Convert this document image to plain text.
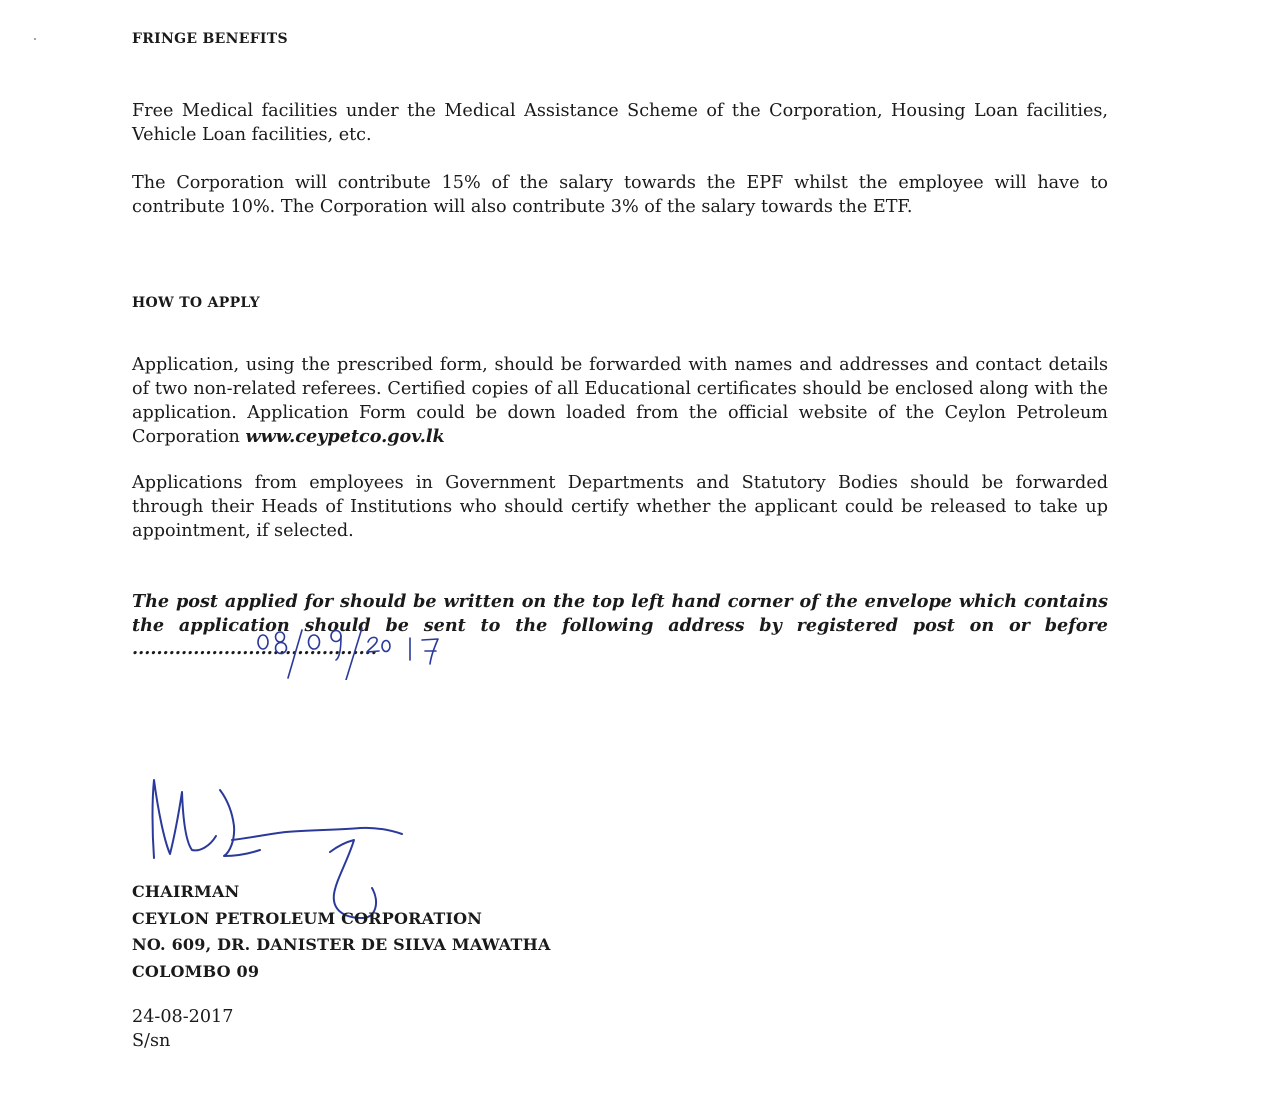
FRINGE BENEFITS

Free Medical facilities under the Medical Assistance Scheme of the Corporation, Housing Loan facilities, Vehicle Loan facilities, etc.

The Corporation will contribute 15% of the salary towards the EPF whilst the employee will have to contribute 10%. The Corporation will also contribute 3% of the salary towards the ETF.

HOW TO APPLY

Application, using the prescribed form, should be forwarded with names and addresses and contact details of two non-related referees. Certified copies of all Educational certificates should be enclosed along with the application. Application Form could be down loaded from the official website of the Ceylon Petroleum Corporation www.ceypetco.gov.lk

Applications from employees in Government Departments and Statutory Bodies should be forwarded through their Heads of Institutions who should certify whether the applicant could be released to take up appointment, if selected.

The post applied for should be written on the top left hand corner of the envelope which contains the application should be sent to the following address by registered post on or before ........................................

CHAIRMAN
CEYLON PETROLEUM CORPORATION
NO. 609, DR. DANISTER DE SILVA MAWATHA
COLOMBO 09

24-08-2017

S/sn
